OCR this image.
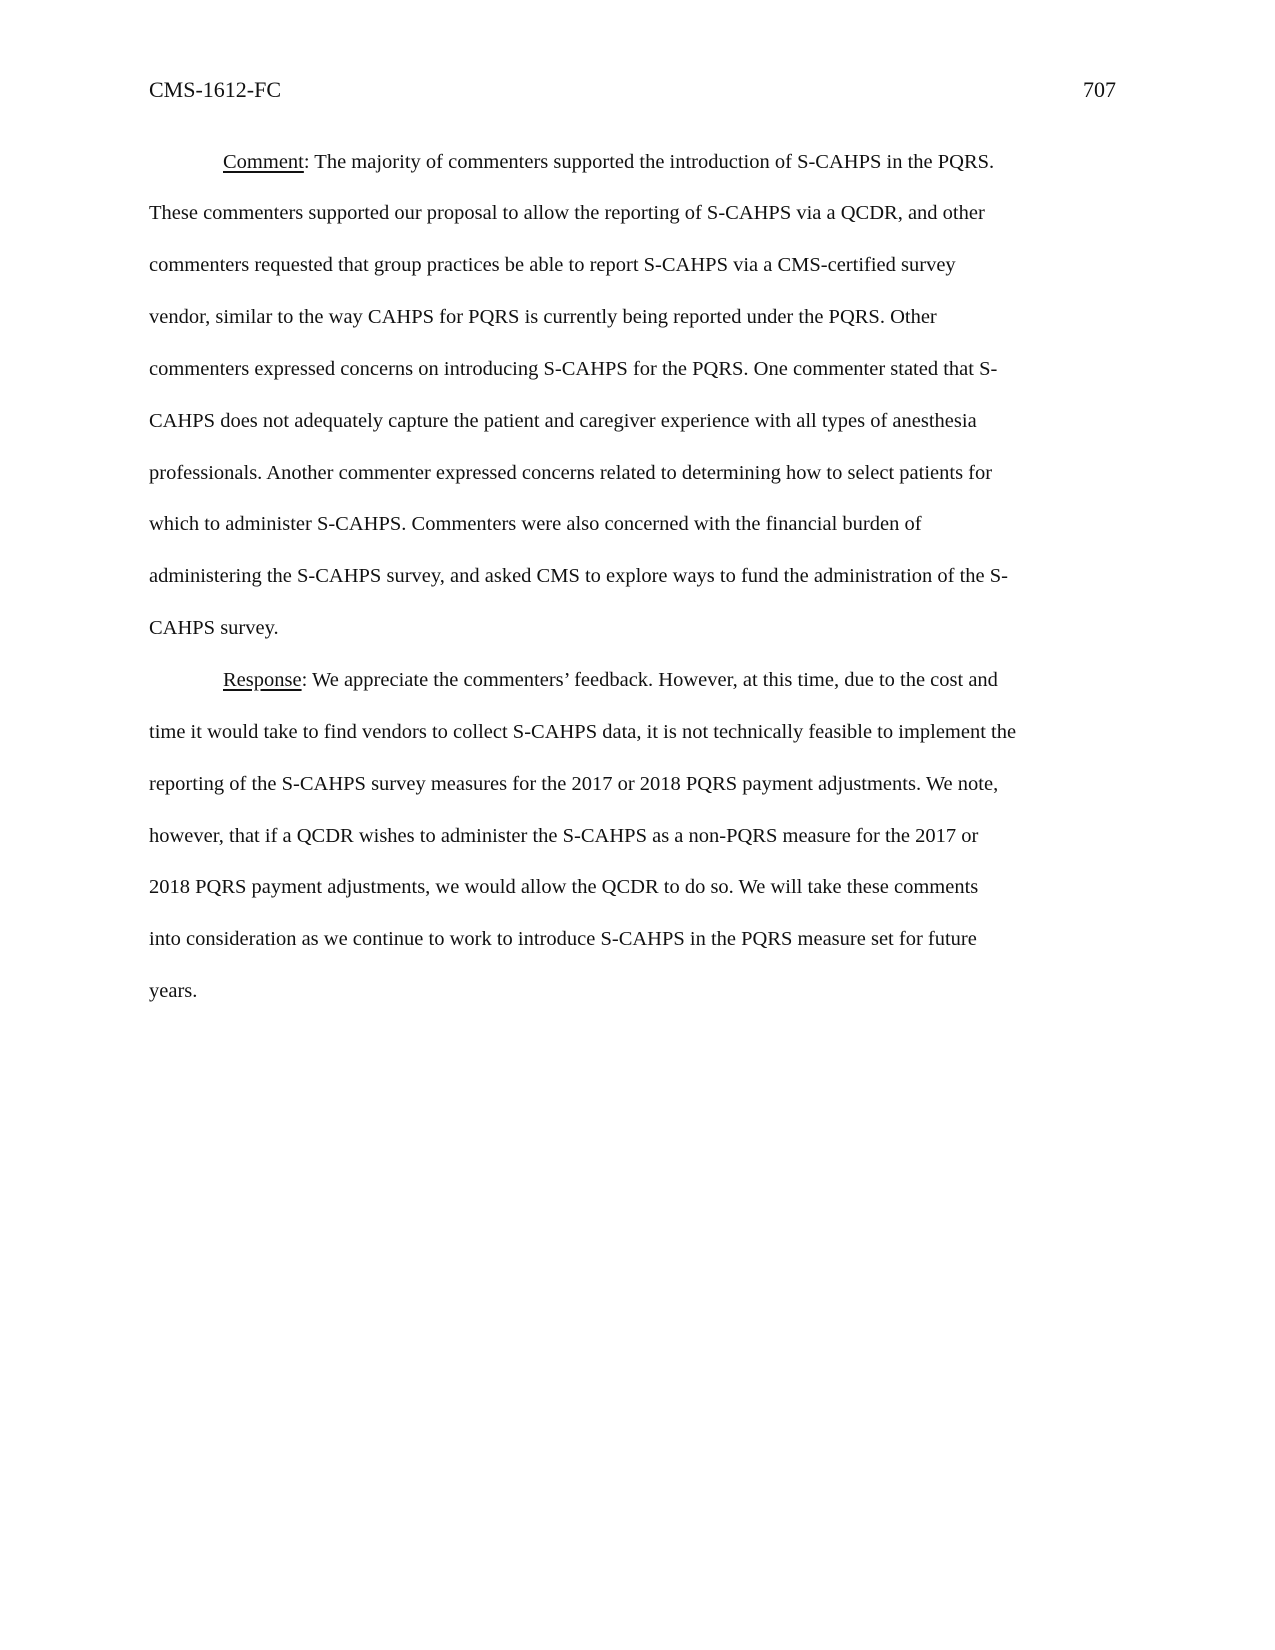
CMS-1612-FC	707
Comment: The majority of commenters supported the introduction of S-CAHPS in the PQRS.
These commenters supported our proposal to allow the reporting of S-CAHPS via a QCDR, and other
commenters requested that group practices be able to report S-CAHPS via a CMS-certified survey
vendor, similar to the way CAHPS for PQRS is currently being reported under the PQRS. Other
commenters expressed concerns on introducing S-CAHPS for the PQRS. One commenter stated that S-
CAHPS does not adequately capture the patient and caregiver experience with all types of anesthesia
professionals. Another commenter expressed concerns related to determining how to select patients for
which to administer S-CAHPS. Commenters were also concerned with the financial burden of
administering the S-CAHPS survey, and asked CMS to explore ways to fund the administration of the S-
CAHPS survey.
Response: We appreciate the commenters’ feedback. However, at this time, due to the cost and
time it would take to find vendors to collect S-CAHPS data, it is not technically feasible to implement the
reporting of the S-CAHPS survey measures for the 2017 or 2018 PQRS payment adjustments. We note,
however, that if a QCDR wishes to administer the S-CAHPS as a non-PQRS measure for the 2017 or
2018 PQRS payment adjustments, we would allow the QCDR to do so. We will take these comments
into consideration as we continue to work to introduce S-CAHPS in the PQRS measure set for future
years.
